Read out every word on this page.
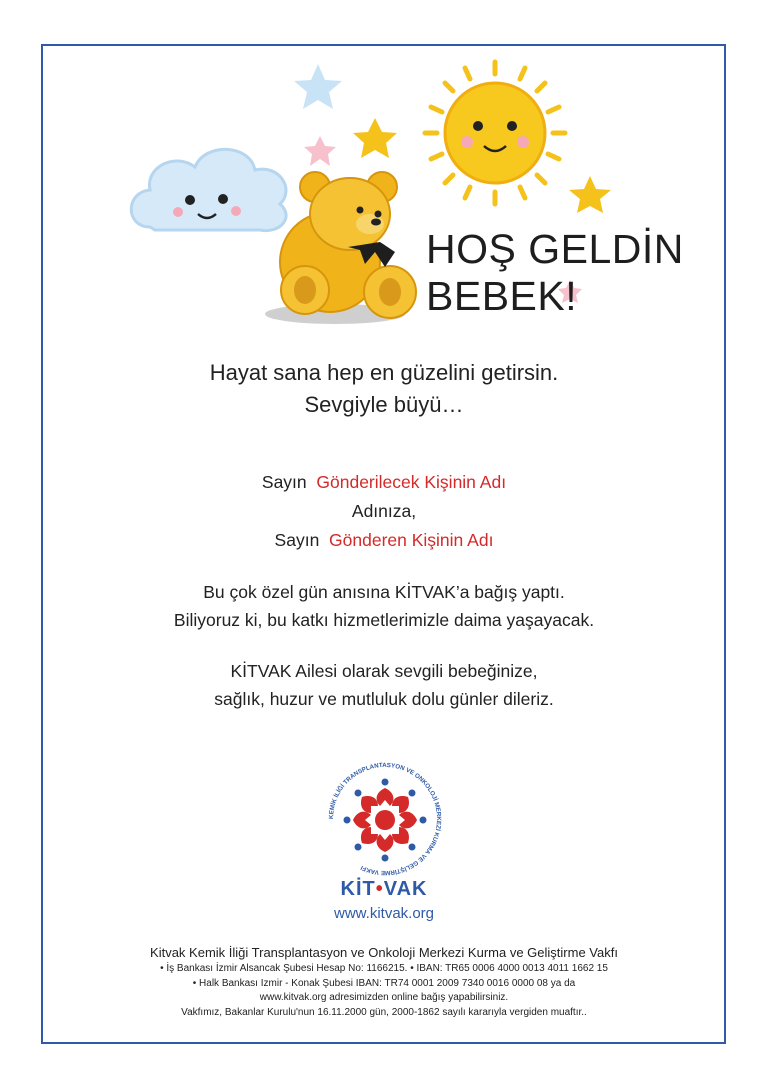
HOŞ GELDİN
BEBEK!
Hayat sana hep en güzelini getirsin.
Sevgiyle büyü…
Sayın Gönderilecek Kişinin Adı
Adınıza,
Sayın Gönderen Kişinin Adı
Bu çok özel gün anısına KİTVAK’a bağış yaptı.
Biliyoruz ki, bu katkı hizmetlerimizle daima yaşayacak.
KİTVAK Ailesi olarak sevgili bebeğinize,
sağlık, huzur ve mutluluk dolu günler dileriz.
KEMİK İLİĞİ TRANSPLANTASYON VE ONKOLOJİ MERKEZİ KURMA VE GELİŞTİRME VAKFI
KİT•VAK
www.kitvak.org
Kitvak Kemik İliği Transplantasyon ve Onkoloji Merkezi Kurma ve Geliştirme Vakfı
• İş Bankası İzmir Alsancak Şubesi Hesap No: 1166215. • IBAN: TR65 0006 4000 0013 4011 1662 15
• Halk Bankası Izmir - Konak Şubesi IBAN: TR74 0001 2009 7340 0016 0000 08 ya da
www.kitvak.org adresimizden online bağış yapabilirsiniz.
Vakfımız, Bakanlar Kurulu'nun 16.11.2000 gün, 2000-1862 sayılı kararıyla vergiden muaftır..
